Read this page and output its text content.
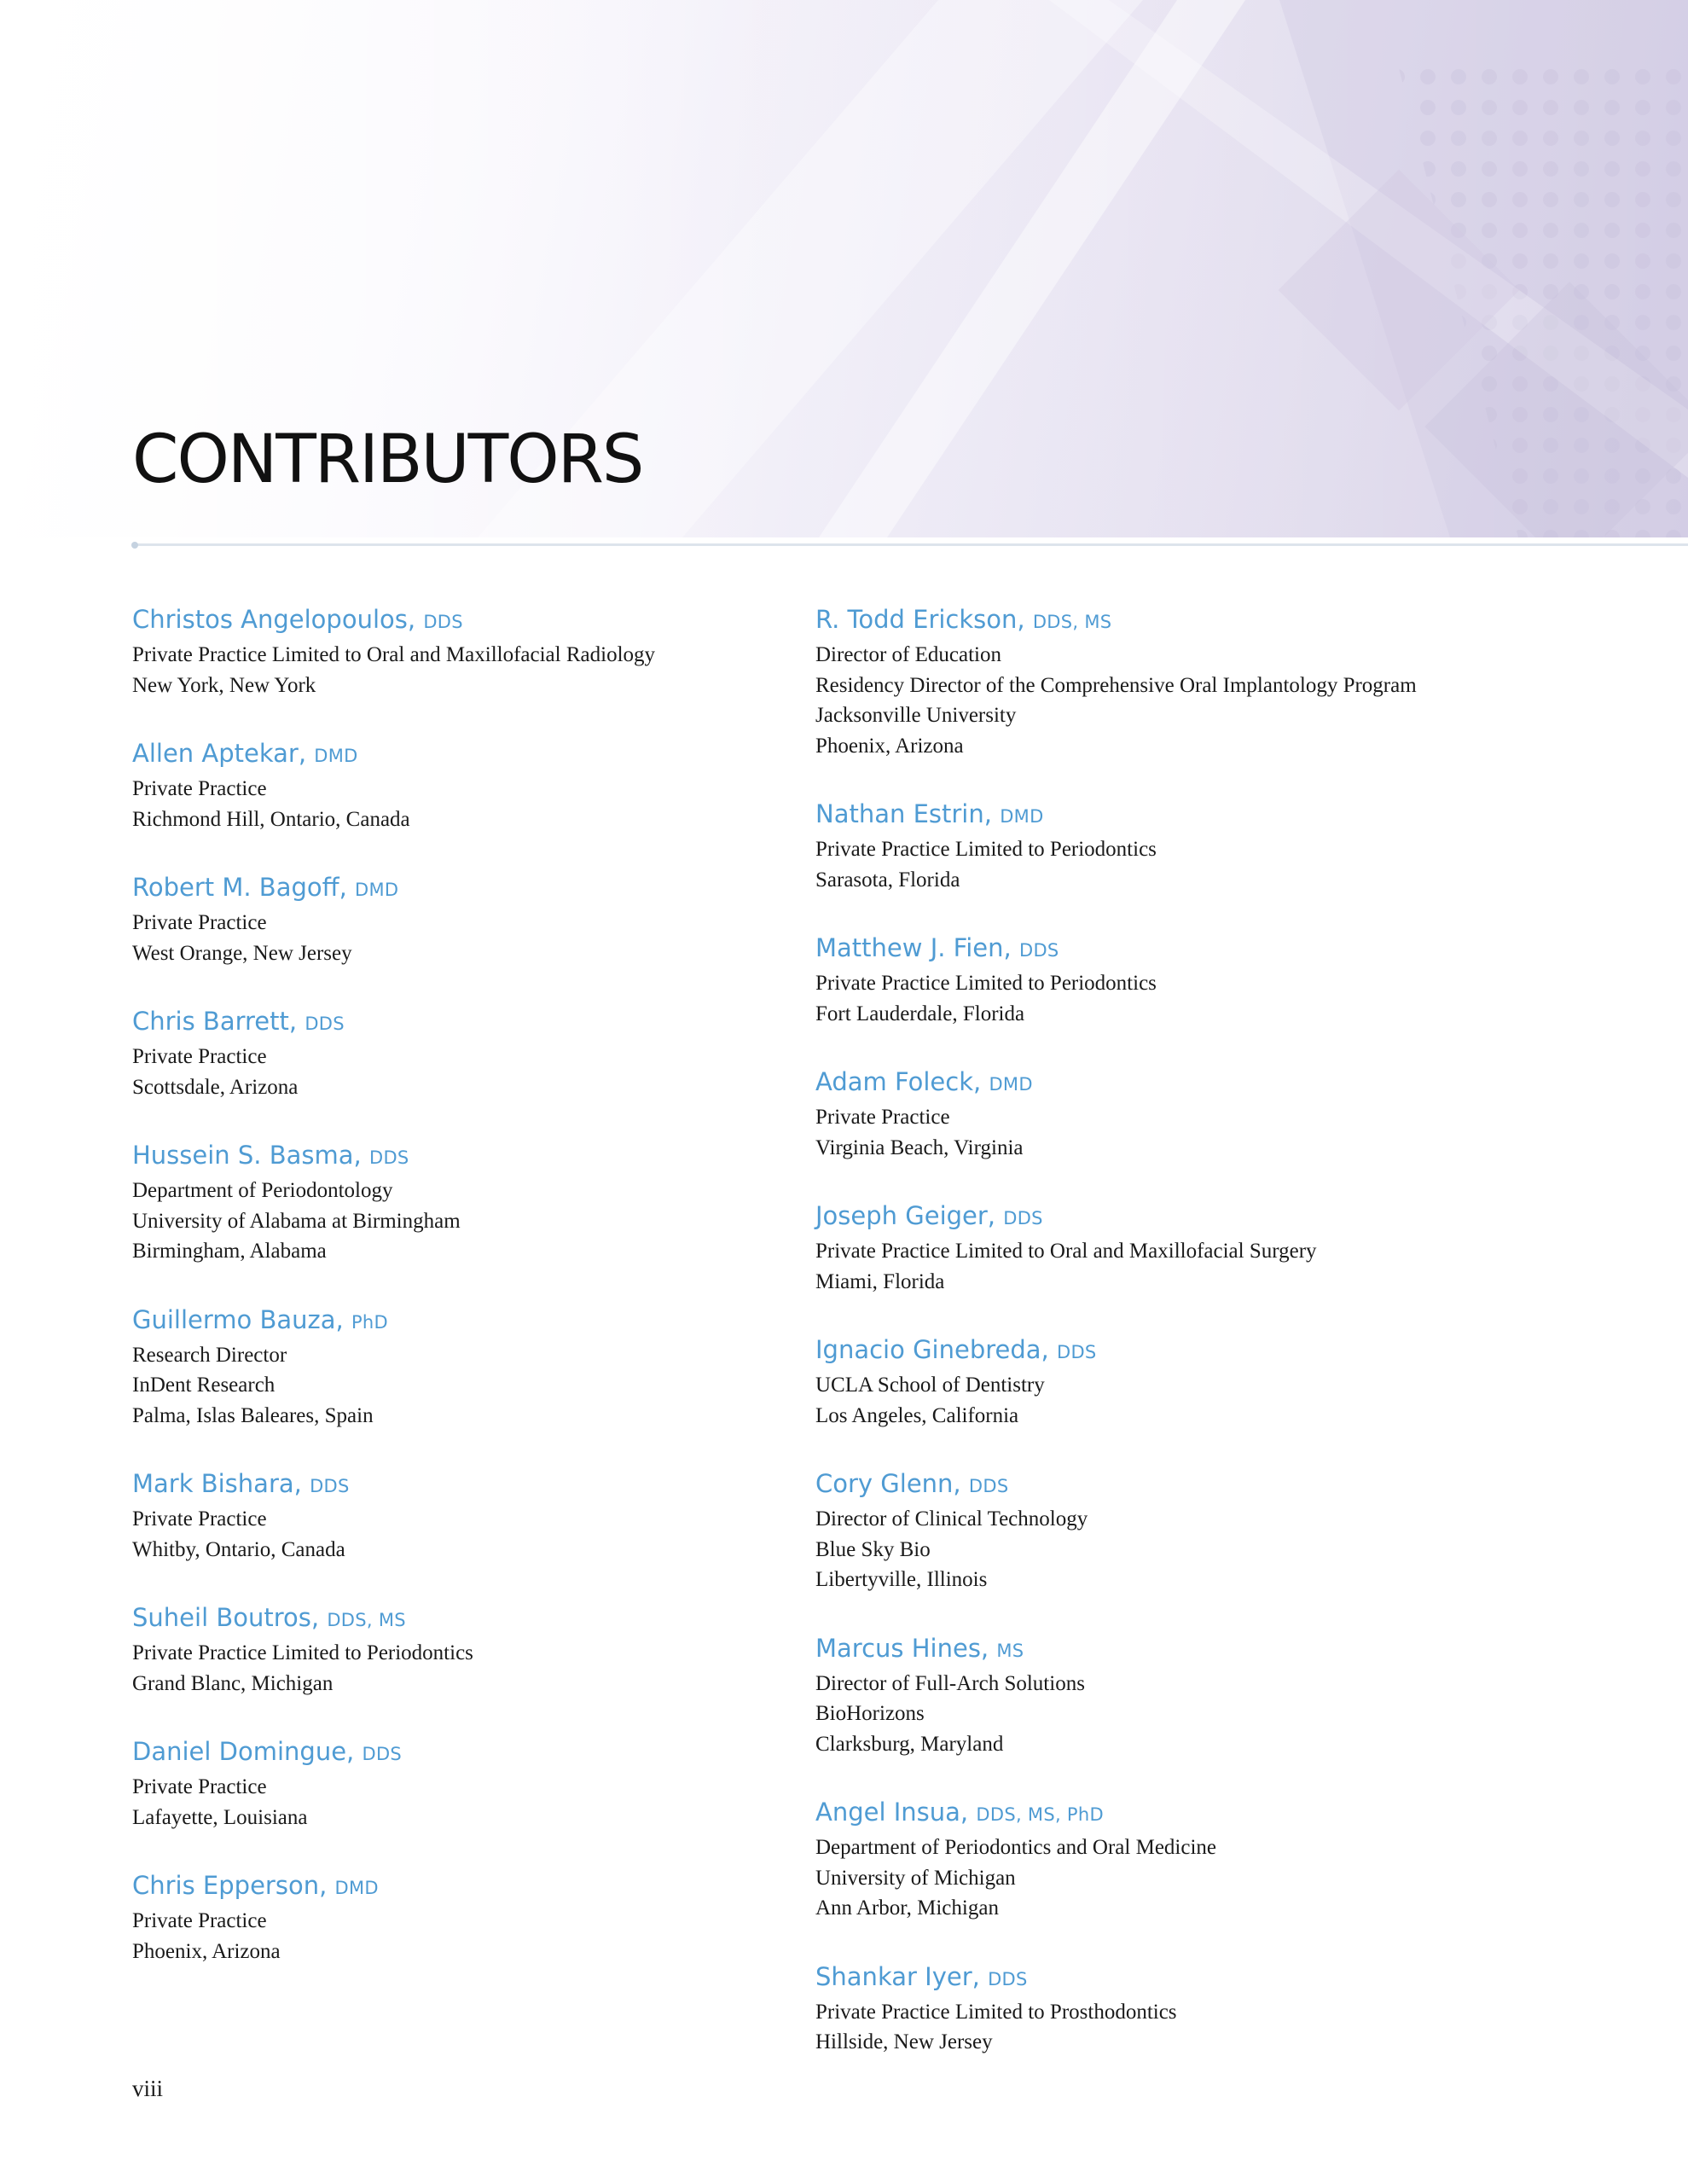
CONTRIBUTORS
Christos Angelopoulos, DDS
Private Practice Limited to Oral and Maxillofacial Radiology
New York, New York
Allen Aptekar, DMD
Private Practice
Richmond Hill, Ontario, Canada
Robert M. Bagoff, DMD
Private Practice
West Orange, New Jersey
Chris Barrett, DDS
Private Practice
Scottsdale, Arizona
Hussein S. Basma, DDS
Department of Periodontology
University of Alabama at Birmingham
Birmingham, Alabama
Guillermo Bauza, PhD
Research Director
InDent Research
Palma, Islas Baleares, Spain
Mark Bishara, DDS
Private Practice
Whitby, Ontario, Canada
Suheil Boutros, DDS, MS
Private Practice Limited to Periodontics
Grand Blanc, Michigan
Daniel Domingue, DDS
Private Practice
Lafayette, Louisiana
Chris Epperson, DMD
Private Practice
Phoenix, Arizona
R. Todd Erickson, DDS, MS
Director of Education
Residency Director of the Comprehensive Oral Implantology Program
Jacksonville University
Phoenix, Arizona
Nathan Estrin, DMD
Private Practice Limited to Periodontics
Sarasota, Florida
Matthew J. Fien, DDS
Private Practice Limited to Periodontics
Fort Lauderdale, Florida
Adam Foleck, DMD
Private Practice
Virginia Beach, Virginia
Joseph Geiger, DDS
Private Practice Limited to Oral and Maxillofacial Surgery
Miami, Florida
Ignacio Ginebreda, DDS
UCLA School of Dentistry
Los Angeles, California
Cory Glenn, DDS
Director of Clinical Technology
Blue Sky Bio
Libertyville, Illinois
Marcus Hines, MS
Director of Full-Arch Solutions
BioHorizons
Clarksburg, Maryland
Angel Insua, DDS, MS, PhD
Department of Periodontics and Oral Medicine
University of Michigan
Ann Arbor, Michigan
Shankar Iyer, DDS
Private Practice Limited to Prosthodontics
Hillside, New Jersey
viii
